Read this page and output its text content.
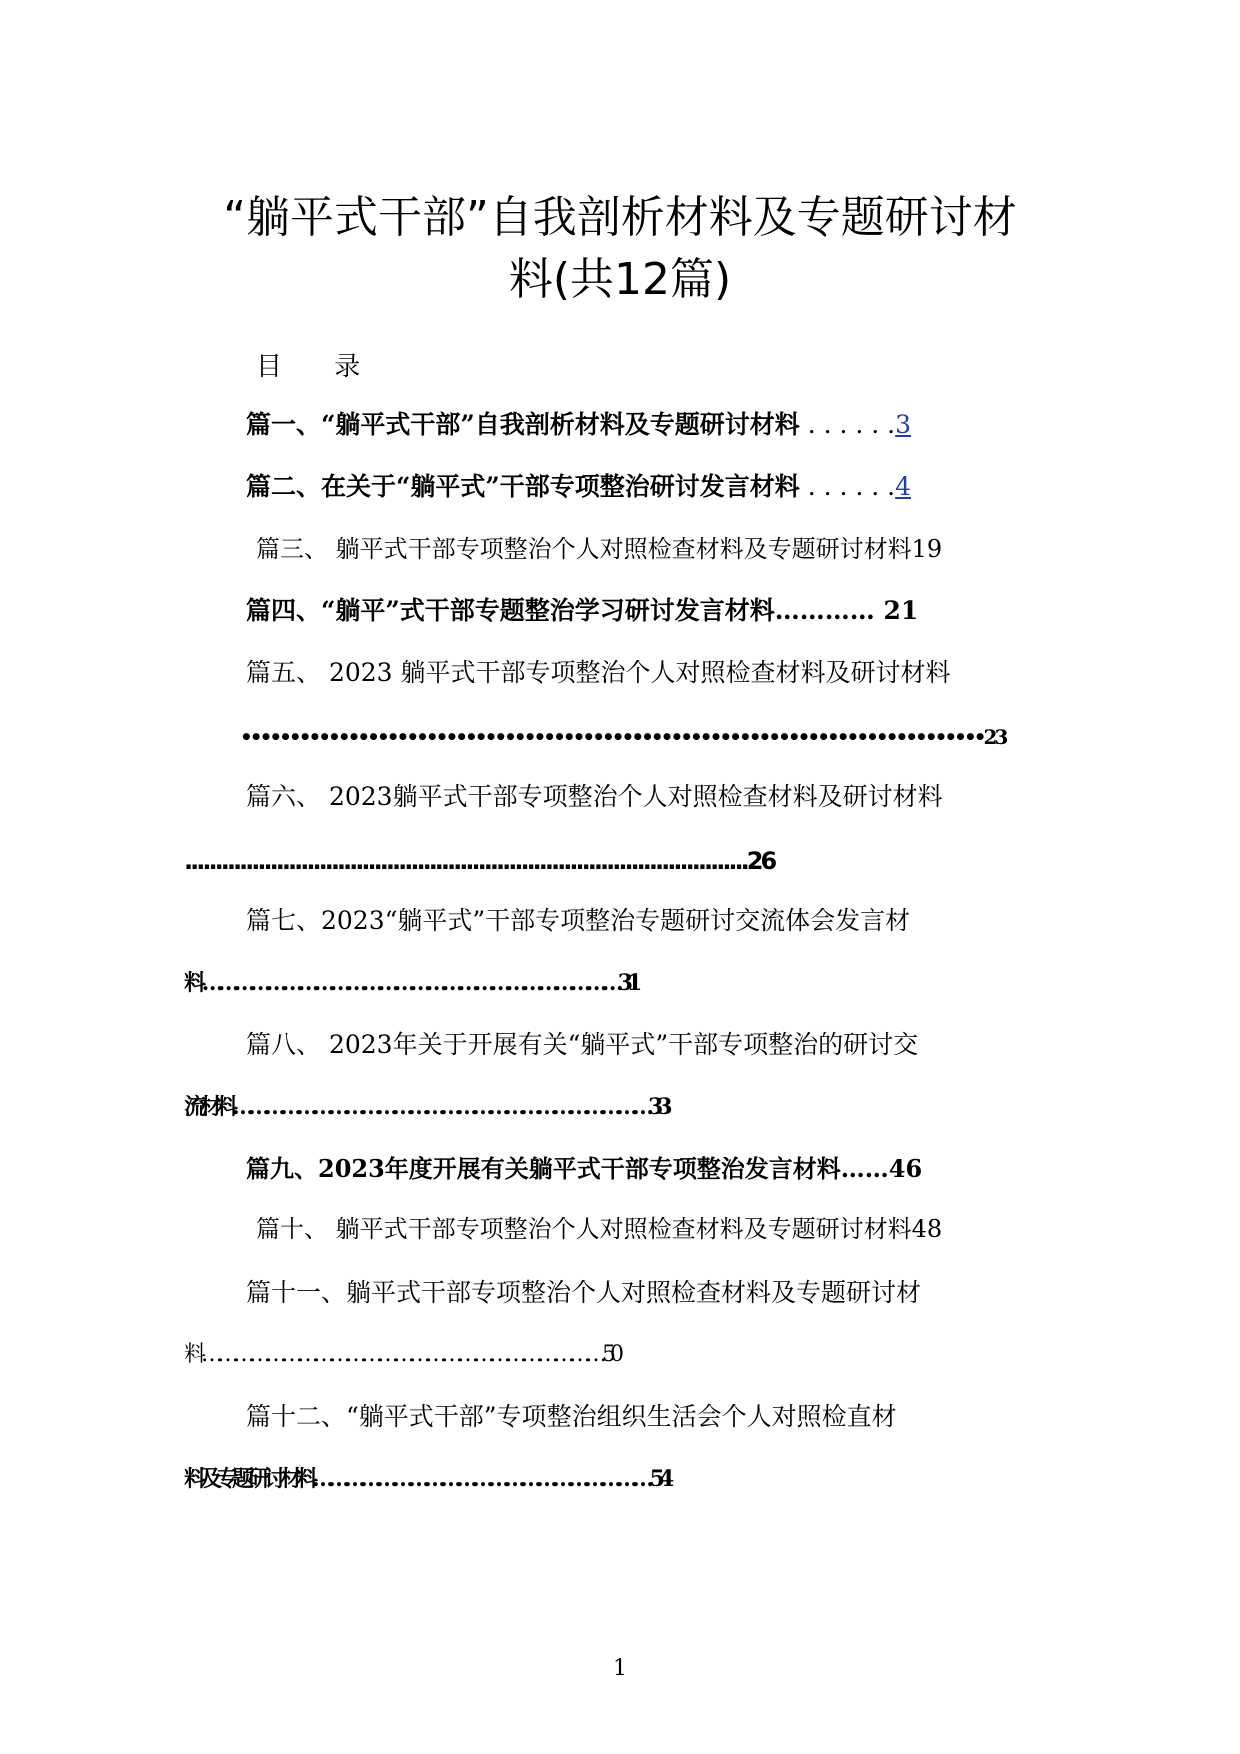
“躺平式干部”自我剖析材料及专题研讨材
料(共12篇)
目 录
篇一、“躺平式干部”自我剖析材料及专题研讨材料 . . . . . .3
篇二、在关于“躺平式”干部专项整治研讨发言材料 . . . . . .4
篇三、 躺平式干部专项整治个人对照检查材料及专题研讨材料19
篇四、“躺平”式干部专题整治学习研讨发言材料………… 21
篇五、 2023 躺平式干部专项整治个人对照检查材料及研讨材料
••••••••••••••••••••••••••••••••••••••••••••••••••••••••••••••••••••••••••••23
篇六、 2023躺平式干部专项整治个人对照检查材料及研讨材料
............................................................................................26
篇七、2023“躺平式”干部专项整治专题研讨交流体会发言材
料 ……………………………………………………………………31
篇八、 2023年关于开展有关“躺平式”干部专项整治的研讨交
流材料……………………………………………………………………33
篇九、2023年度开展有关躺平式干部专项整治发言材料……46
篇十、 躺平式干部专项整治个人对照检查材料及专题研讨材料48
篇十一、躺平式干部专项整治个人对照检查材料及专题研讨材
料 ………………………………………………………………… 50
篇十二、“躺平式干部”专项整治组织生活会个人对照检直材
料及专题研讨材料……………………………………………………… 54
1
